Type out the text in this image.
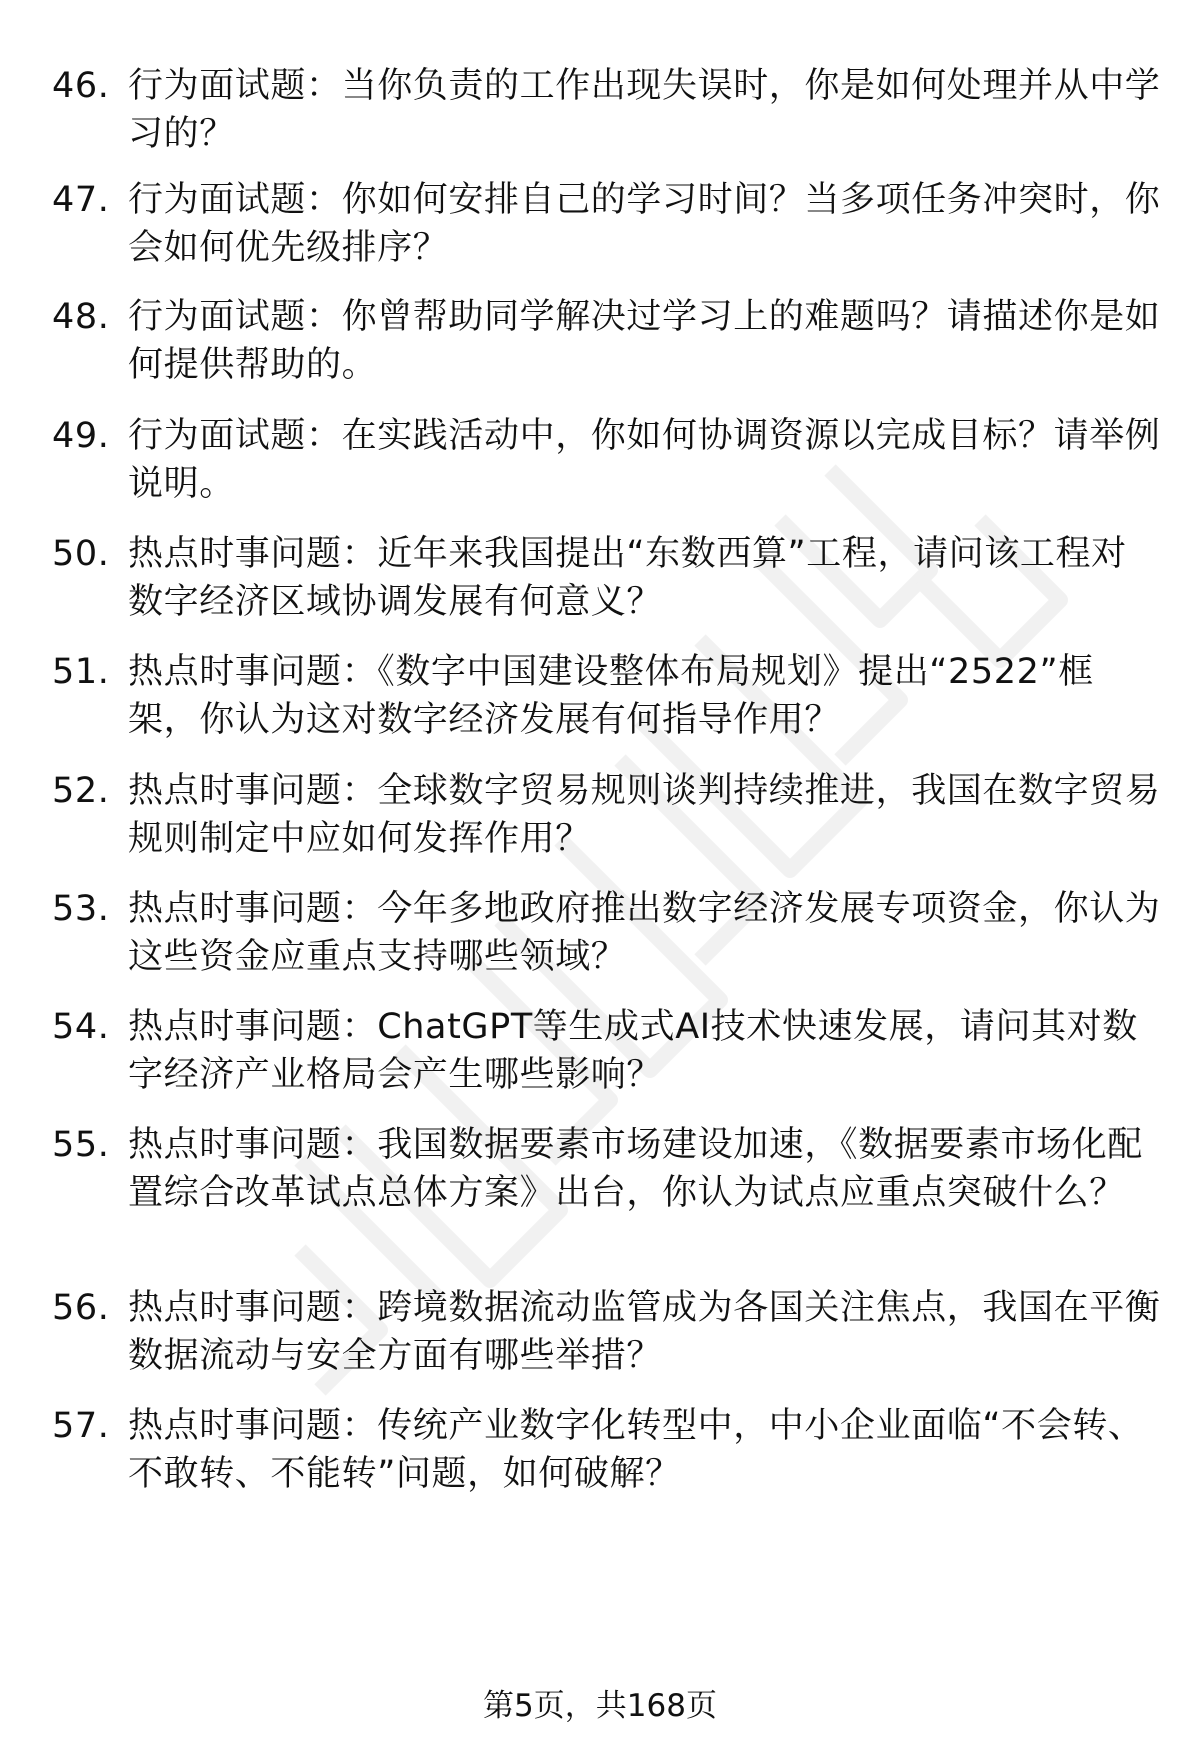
46. 行为面试题：当你负责的工作出现失误时，你是如何处理并从中学习的？
47. 行为面试题：你如何安排自己的学习时间？当多项任务冲突时，你会如何优先级排序？
48. 行为面试题：你曾帮助同学解决过学习上的难题吗？请描述你是如何提供帮助的。
49. 行为面试题：在实践活动中，你如何协调资源以完成目标？请举例说明。
50. 热点时事问题：近年来我国提出“东数西算”工程，请问该工程对数字经济区域协调发展有何意义？
51. 热点时事问题：《数字中国建设整体布局规划》提出“2522”框架，你认为这对数字经济发展有何指导作用？
52. 热点时事问题：全球数字贸易规则谈判持续推进，我国在数字贸易规则制定中应如何发挥作用？
53. 热点时事问题：今年多地政府推出数字经济发展专项资金，你认为这些资金应重点支持哪些领域？
54. 热点时事问题：ChatGPT等生成式AI技术快速发展，请问其对数字经济产业格局会产生哪些影响？
55. 热点时事问题：我国数据要素市场建设加速，《数据要素市场化配置综合改革试点总体方案》出台，你认为试点应重点突破什么？
56. 热点时事问题：跨境数据流动监管成为各国关注焦点，我国在平衡数据流动与安全方面有哪些举措？
57. 热点时事问题：传统产业数字化转型中，中小企业面临“不会转、不敢转、不能转”问题，如何破解？
第5页，共168页
